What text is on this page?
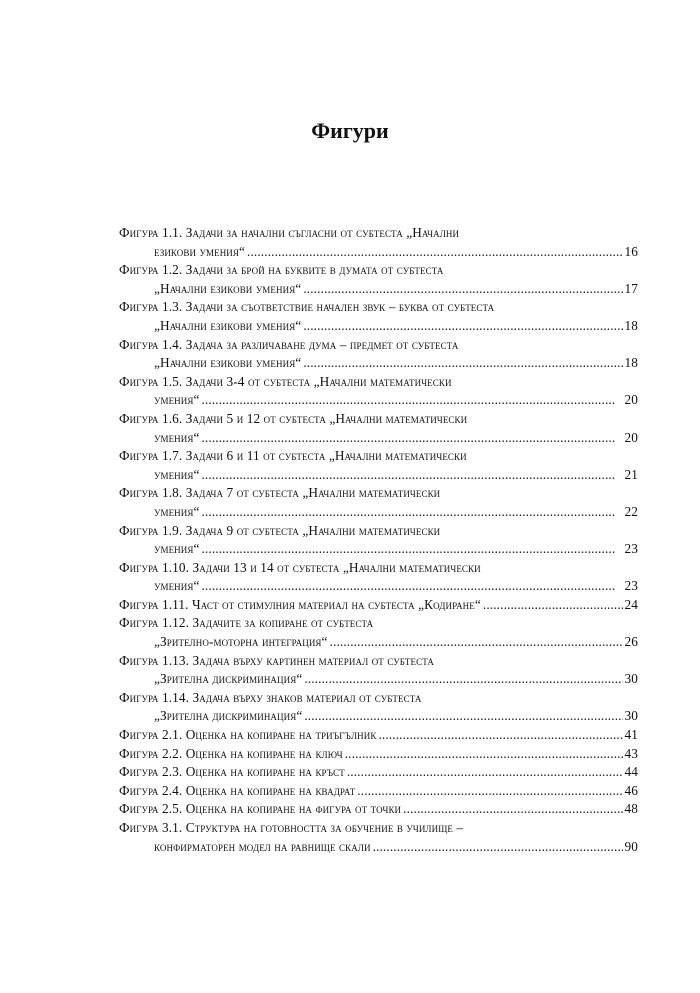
Фигури
Фигура 1.1. Задачи за начални съгласни от субтеста „Начални
езикови умения“ . . .	16
Фигура 1.2. Задачи за брой на буквите в думата от субтеста
„Начални езикови умения“ . . .	17
Фигура 1.3. Задачи за съответствие начален звук – буква от субтеста
„Начални езикови умения“ . . .	18
Фигура 1.4. Задача за различаване дума – предмет от субтеста
„Начални езикови умения“ . . .	18
Фигура 1.5. Задачи 3-4 от субтеста „Начални математически
умения“ . . .	20
Фигура 1.6. Задачи 5 и 12 от субтеста „Начални математически
умения“ . . .	20
Фигура 1.7. Задачи 6 и 11 от субтеста „Начални математически
умения“ . . .	21
Фигура 1.8. Задача 7 от субтеста „Начални математически
умения“ . . .	22
Фигура 1.9. Задача 9 от субтеста „Начални математически
умения“ . . .	23
Фигура 1.10. Задачи 13 и 14 от субтеста „Начални математически
умения“ . . .	23
Фигура 1.11. Част от стимулния материал на субтеста „Кодиране“ . . .	24
Фигура 1.12. Задачите за копиране от субтеста
„Зрително-моторна интеграция“ . . .	26
Фигура 1.13. Задача върху картинен материал от субтеста
„Зрителна дискриминация“ . . .	30
Фигура 1.14. Задача върху знаков материал от субтеста
„Зрителна дискриминация“ . . .	30
Фигура 2.1. Оценка на копиране на триъгълник . . .	41
Фигура 2.2. Оценка на копиране на ключ . . .	43
Фигура 2.3. Оценка на копиране на кръст . . .	44
Фигура 2.4. Оценка на копиране на квадрат . . .	46
Фигура 2.5. Оценка на копиране на фигура от точки . . .	48
Фигура 3.1. Структура на готовността за обучение в училище –
конфирматорен модел на равнище скали . . .	90
